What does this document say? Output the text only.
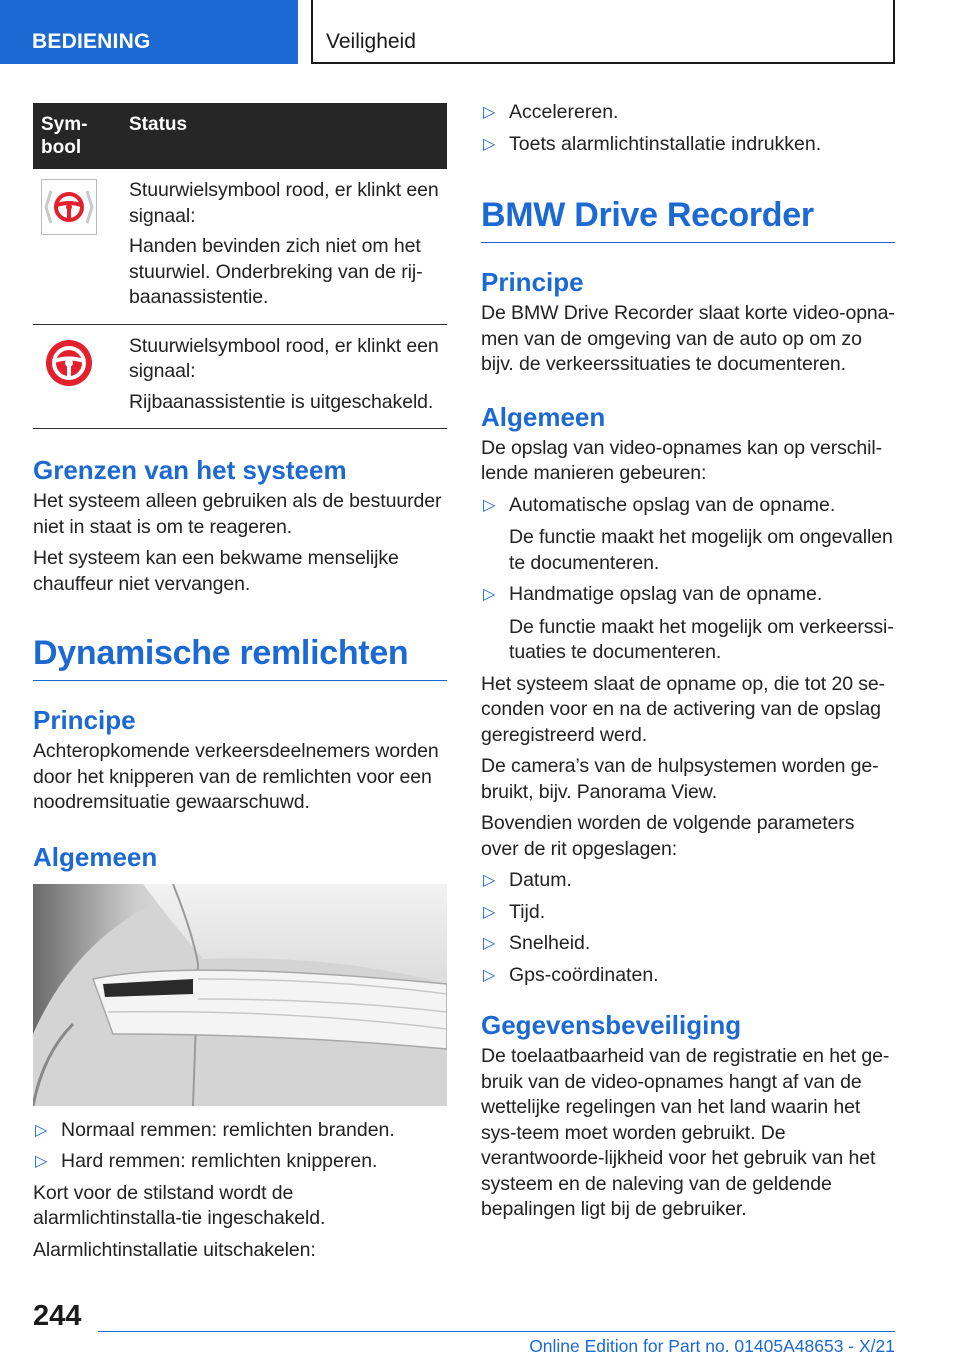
BEDIENING	Veiligheid
Sym-
bool	Status

Stuurwielsymbool rood, er klinkt een signaal:

Handen bevinden zich niet om het stuurwiel. Onderbreking van de rij-baanassistentie.

Stuurwielsymbool rood, er klinkt een signaal:

Rijbaanassistentie is uitgeschakeld.

Grenzen van het systeem

Het systeem alleen gebruiken als de bestuurder niet in staat is om te reageren.

Het systeem kan een bekwame menselijke chauffeur niet vervangen.

Dynamische remlichten
Principe

Achteropkomende verkeersdeelnemers worden door het knipperen van de remlichten voor een noodremsituatie gewaarschuwd.

Algemeen
▷ Normaal remmen: remlichten branden.
▷ Hard remmen: remlichten knipperen.

Kort voor de stilstand wordt de alarmlichtinstalla-tie ingeschakeld.

Alarmlichtinstallatie uitschakelen:

▷ Accelereren.
▷ Toets alarmlichtinstallatie indrukken.
BMW Drive Recorder
Principe

De BMW Drive Recorder slaat korte video-opna-men van de omgeving van de auto op om zo bijv. de verkeerssituaties te documenteren.

Algemeen

De opslag van video-opnames kan op verschil-lende manieren gebeuren:

▷ Automatische opslag van de opname.

De functie maakt het mogelijk om ongevallen te documenteren.

▷ Handmatige opslag van de opname.

De functie maakt het mogelijk om verkeerssi-tuaties te documenteren.

Het systeem slaat de opname op, die tot 20 se-conden voor en na de activering van de opslag geregistreerd werd.

De camera’s van de hulpsystemen worden ge-bruikt, bijv. Panorama View.

Bovendien worden de volgende parameters over de rit opgeslagen:

▷ Datum.
▷ Tijd.
▷ Snelheid.
▷ Gps-coördinaten.
Gegevensbeveiliging

De toelaatbaarheid van de registratie en het ge-bruik van de video-opnames hangt af van de wettelijke regelingen van het land waarin het sys-teem moet worden gebruikt. De verantwoorde-lijkheid voor het gebruik van het systeem en de naleving van de geldende bepalingen ligt bij de gebruiker.

244
Online Edition for Part no. 01405A48653 - X/21
